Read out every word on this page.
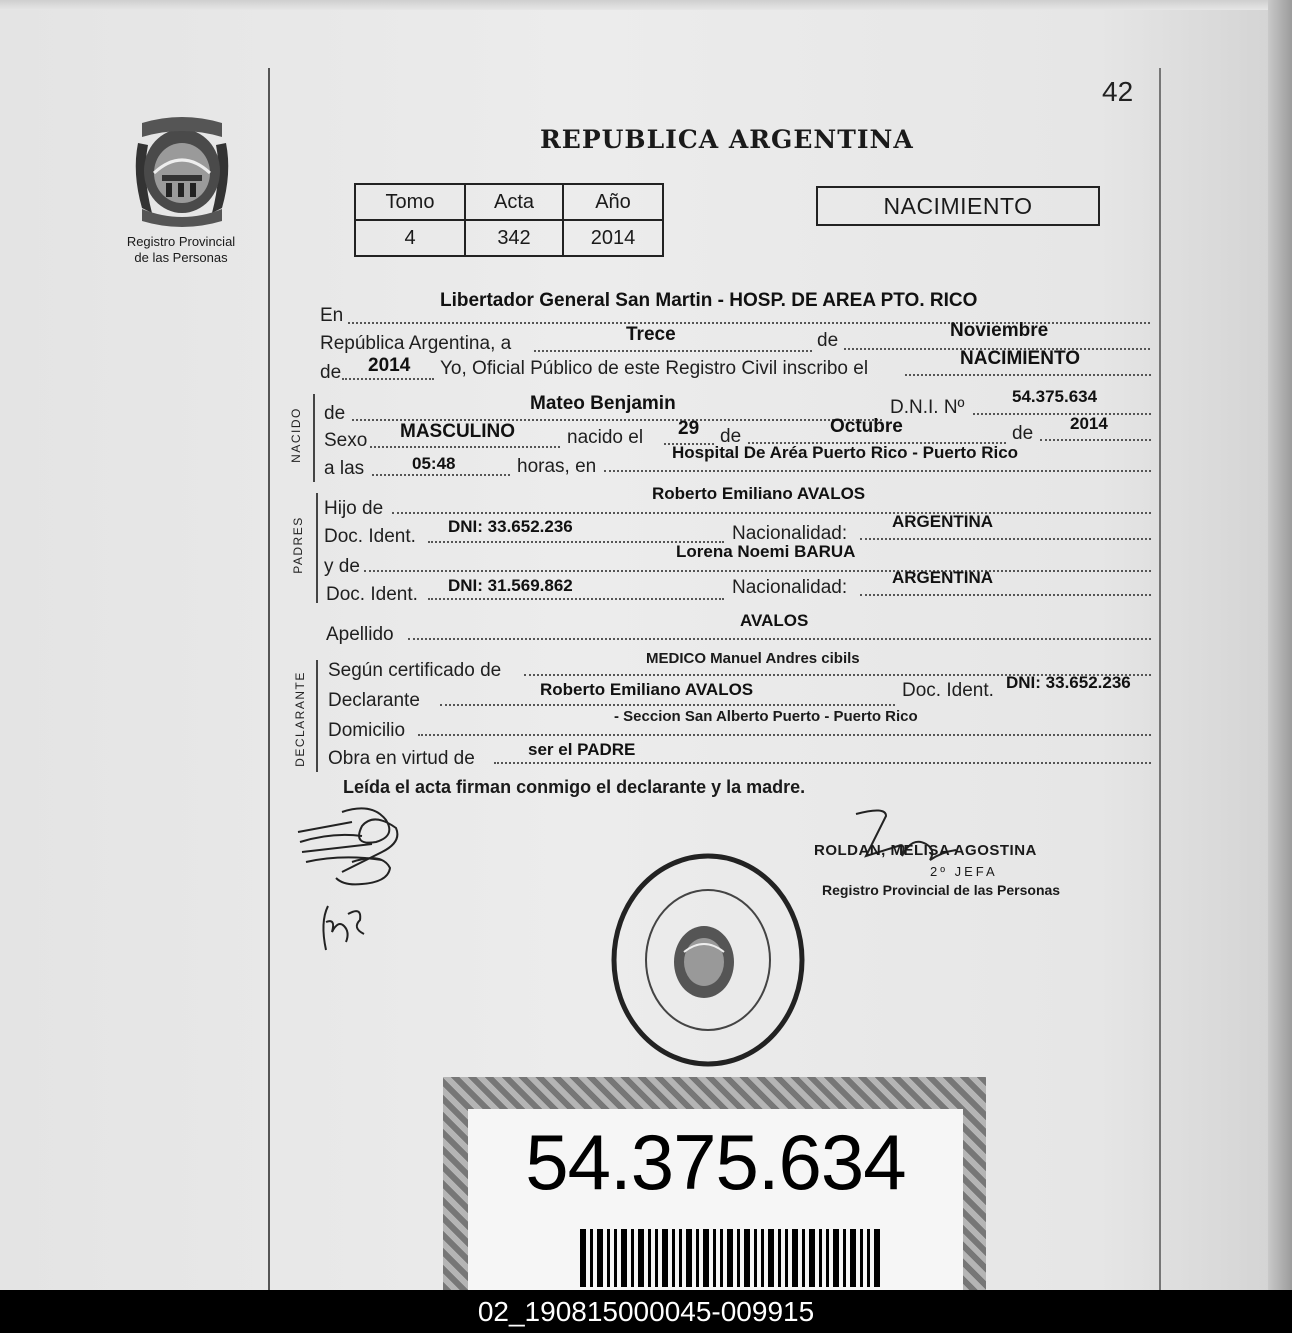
Registro Provincial
de las Personas
42
REPUBLICA ARGENTINA
Tomo	Acta	Año
4	342	2014
NACIMIENTO
En
Libertador General San Martin - HOSP. DE AREA PTO. RICO
República Argentina, a	Trece	de	Noviembre
de 2014 Yo, Oficial Público de este Registro Civil inscribo el	NACIMIENTO
NACIDO de	Mateo Benjamin	D.N.I. Nº
54.375.634
Sexo MASCULINO	nacido el 29 de	Octubre	de 2014
a las	05:48	horas, en
Hospital De Aréa Puerto Rico - Puerto Rico
PADRES
Hijo de
Roberto Emiliano AVALOS
Doc. Ident. DNI: 33.652.236	Nacionalidad:
ARGENTINA
y de
Lorena Noemi BARUA
Doc. Ident. DNI: 31.569.862	Nacionalidad:	ARGENTINA
Apellido
AVALOS
DECLARANTE
Según certificado de
MEDICO Manuel Andres cibils
Declarante
Roberto Emiliano AVALOS	Doc. Ident. DNI: 33.652.236
Domicilio
- Seccion San Alberto Puerto - Puerto Rico
Obra en virtud de	ser el PADRE
Leída el acta firman conmigo el declarante y la madre.
ROLDAN, MELISA AGOSTINA
2º JEFA
Registro Provincial de las Personas
54.375.634
02_190815000045-009915
